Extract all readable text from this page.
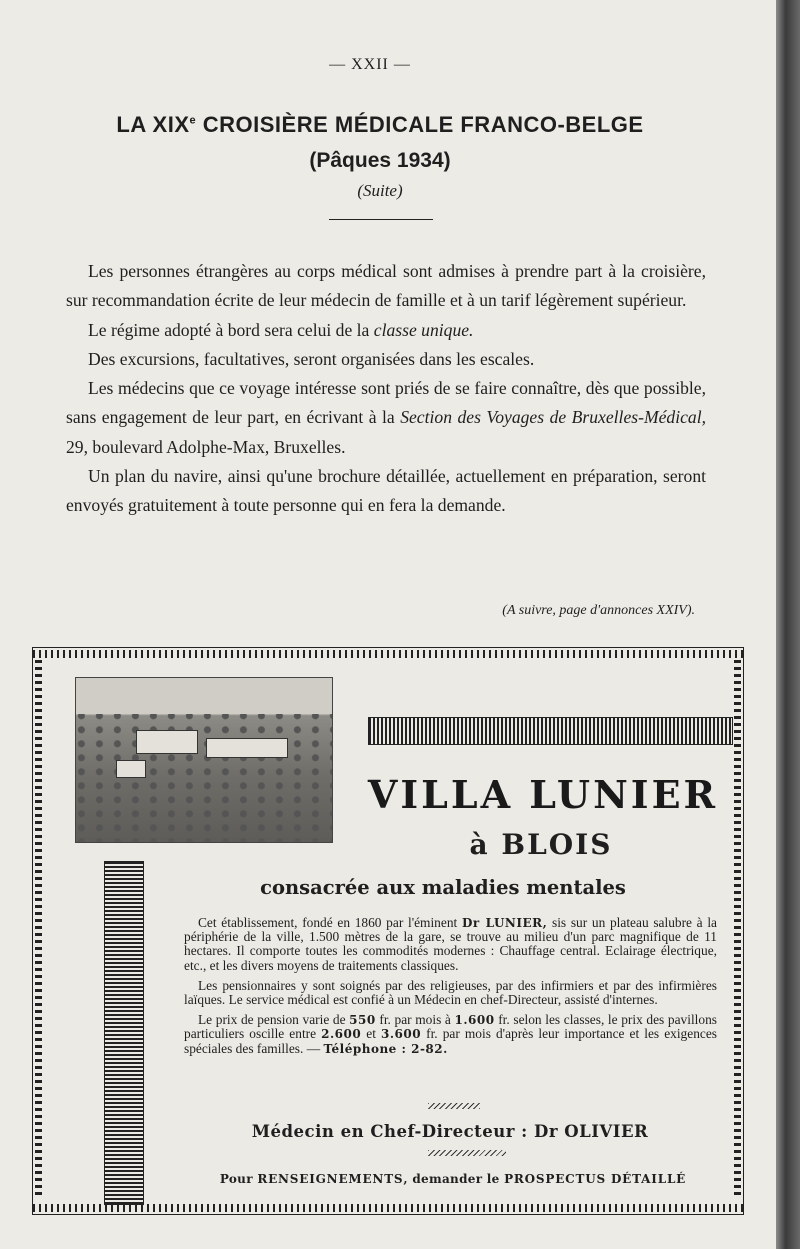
— XXII —
LA XIXe CROISIÈRE MÉDICALE FRANCO-BELGE
(Pâques 1934)
(Suite)

Les personnes étrangères au corps médical sont admises à prendre part à la croisière, sur recommandation écrite de leur médecin de famille et à un tarif légèrement supérieur.

Le régime adopté à bord sera celui de la classe unique.

Des excursions, facultatives, seront organisées dans les escales.

Les médecins que ce voyage intéresse sont priés de se faire connaître, dès que possible, sans engagement de leur part, en écrivant à la Section des Voyages de Bruxelles-Médical, 29, boulevard Adolphe-Max, Bruxelles.

Un plan du navire, ainsi qu'une brochure détaillée, actuellement en préparation, seront envoyés gratuitement à toute personne qui en fera la demande.

(A suivre, page d'annonces XXIV).
VILLA LUNIER
à BLOIS
consacrée aux maladies mentales

Cet établissement, fondé en 1860 par l'éminent Dr LUNIER, sis sur un plateau salubre à la périphérie de la ville, 1.500 mètres de la gare, se trouve au milieu d'un parc magnifique de 11 hectares. Il comporte toutes les commodités modernes : Chauffage central. Eclairage électrique, etc., et les divers moyens de traitements classiques.

Les pensionnaires y sont soignés par des religieuses, par des infirmiers et par des infirmières laïques. Le service médical est confié à un Médecin en chef-Directeur, assisté d'internes.

Le prix de pension varie de 550 fr. par mois à 1.600 fr. selon les classes, le prix des pavillons particuliers oscille entre 2.600 et 3.600 fr. par mois d'après leur importance et les exigences spéciales des familles. — Téléphone : 2-82.

Médecin en Chef-Directeur : Dr OLIVIER
Pour RENSEIGNEMENTS, demander le PROSPECTUS DÉTAILLÉ
